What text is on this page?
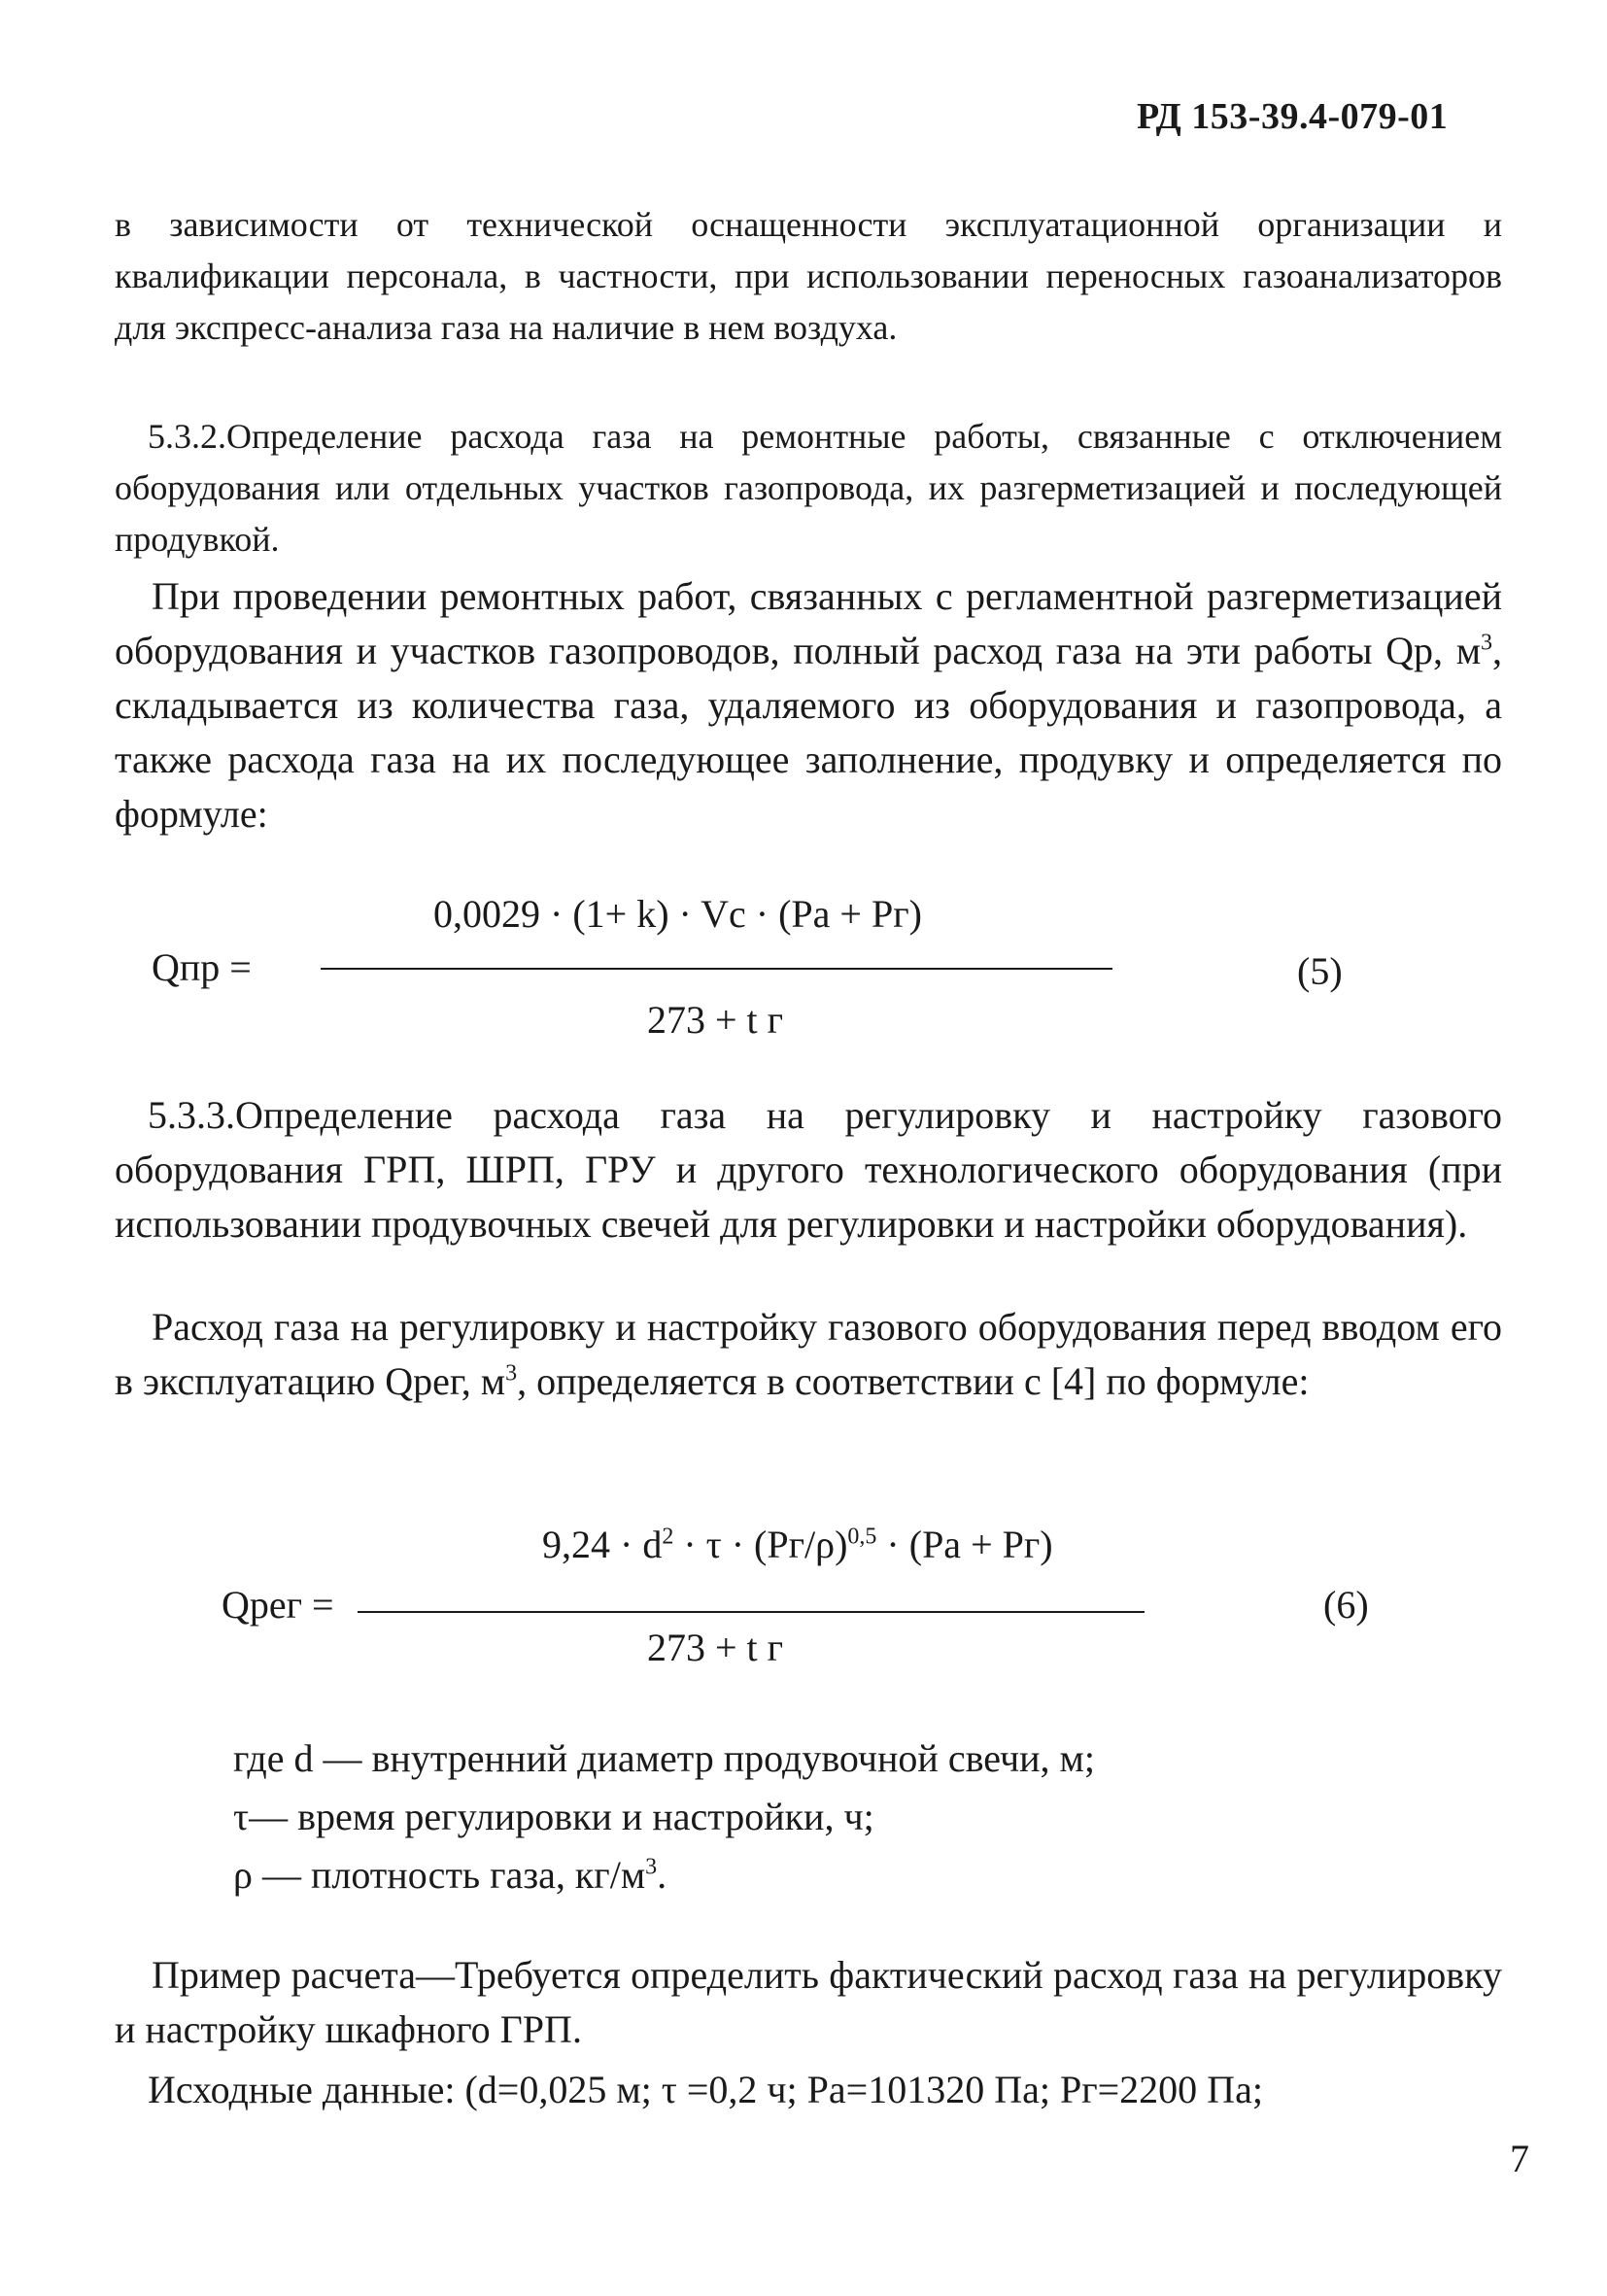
РД 153-39.4-079-01
в зависимости от технической оснащенности эксплуатационной организации и квалификации персонала, в частности, при использовании переносных газоанализаторов для экспресс-анализа газа на наличие в нем воздуха.
5.3.2.Определение расхода газа на ремонтные работы, связанные с отключением оборудования или отдельных участков газопровода, их разгерметизацией и последующей продувкой.
При проведении ремонтных работ, связанных с регламентной разгерметизацией оборудования и участков газопроводов, полный расход газа на эти работы Qр, $м^3$, складывается из количества газа, удаляемого из оборудования и газопровода, а также расхода газа на их последующее заполнение, продувку и определяется по формуле:
Qпр =
0,0029 · (1+ k) · Vc · (Pa + Pг)
273 + t г
(5)
5.3.3.Определение расхода газа на регулировку и настройку газового оборудования ГРП, ШРП, ГРУ и другого технологического оборудования (при использовании продувочных свечей для регулировки и настройки оборудования).
Расход газа на регулировку и настройку газового оборудования перед вводом его в эксплуатацию Qрег, $м^3$, определяется в соответствии с [4] по формуле:
Qрег =
$9,24 \cdot d^2 \cdot \tau \cdot (Pг/\rho)^{0,5} \cdot (Pa + Pг)$
273 + t г
(6)
где d — внутренний диаметр продувочной свечи, м;
τ— время регулировки и настройки, ч;
ρ — плотность газа, $кг/м^3$.
Пример расчета—Требуется определить фактический расход газа на регулировку и настройку шкафного ГРП.
Исходные данные: (d=0,025 м; τ =0,2 ч; Pa=101320 Па; Pг=2200 Па;
7
